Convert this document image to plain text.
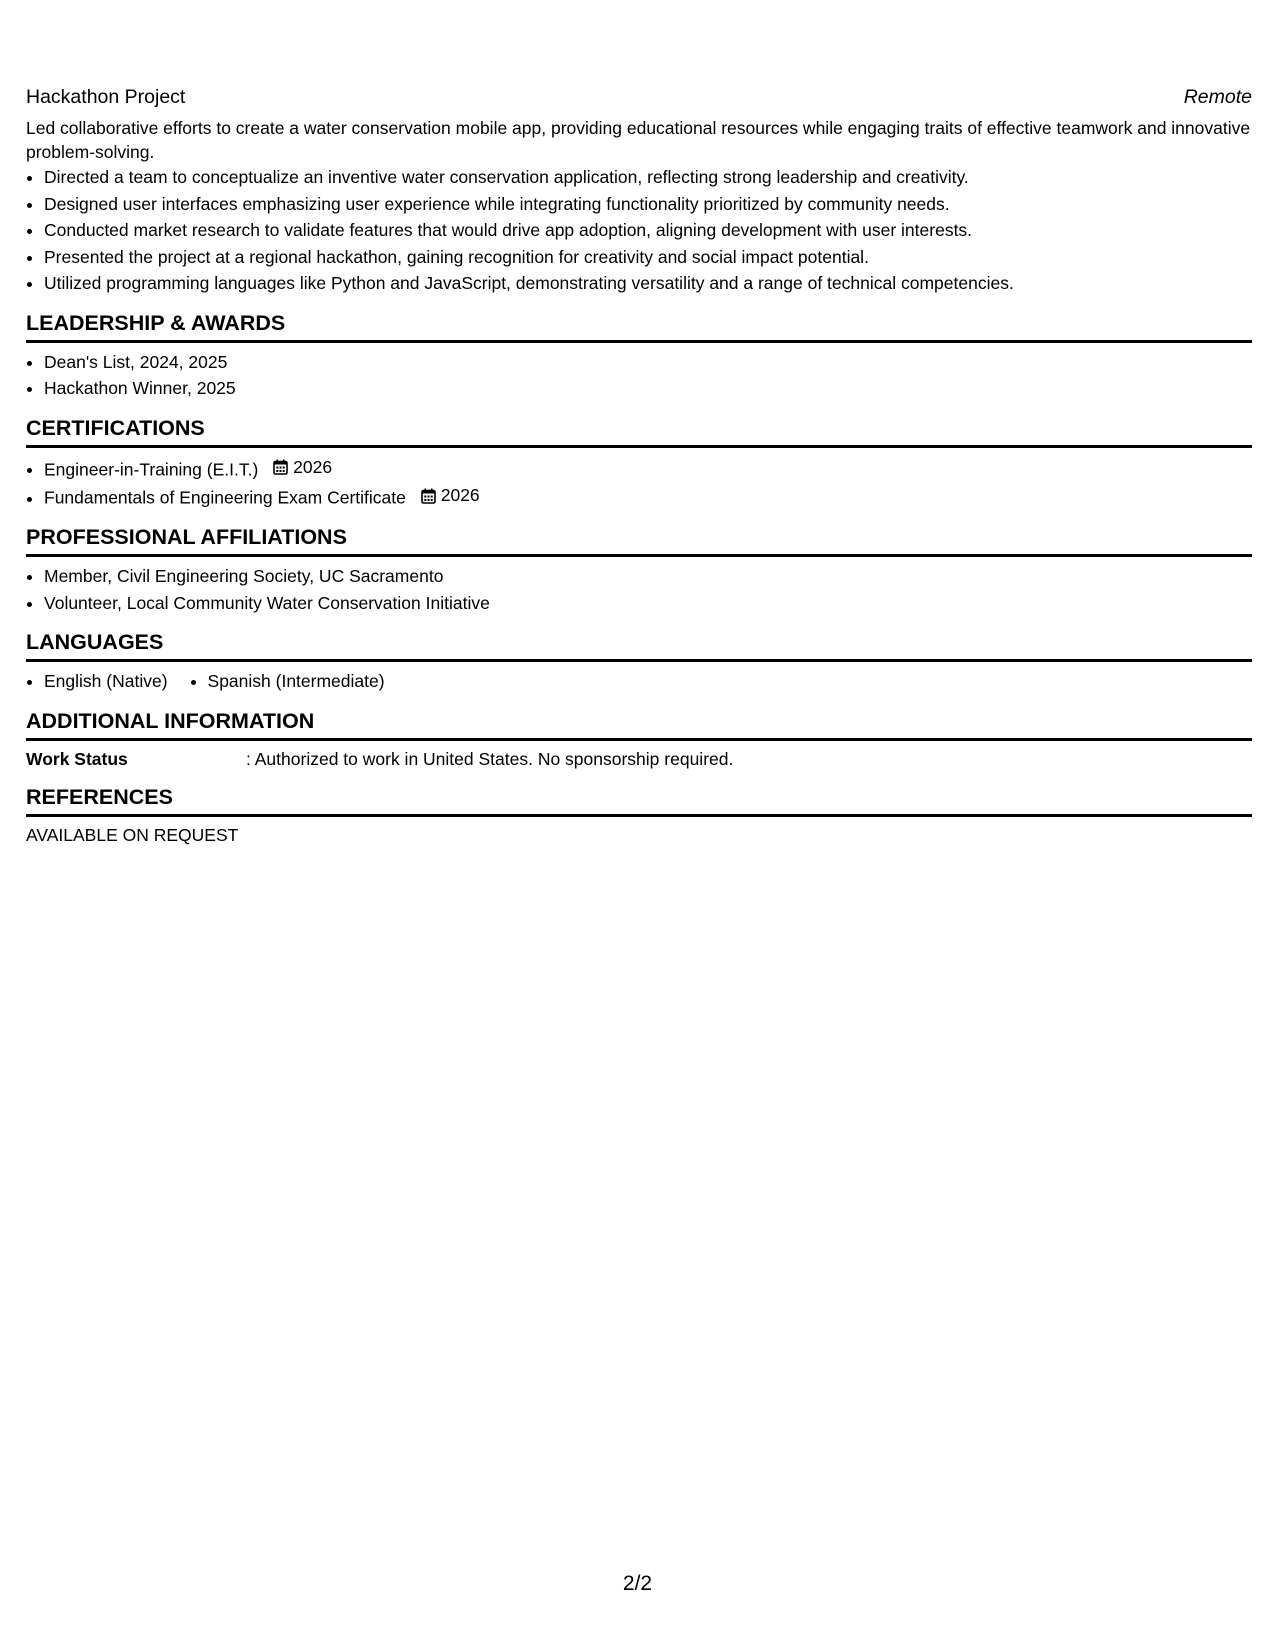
Hackathon Project	Remote

Led collaborative efforts to create a water conservation mobile app, providing educational resources while engaging traits of effective teamwork and innovative problem-solving.

• Directed a team to conceptualize an inventive water conservation application, reflecting strong leadership and creativity.
• Designed user interfaces emphasizing user experience while integrating functionality prioritized by community needs.
• Conducted market research to validate features that would drive app adoption, aligning development with user interests.
• Presented the project at a regional hackathon, gaining recognition for creativity and social impact potential.
• Utilized programming languages like Python and JavaScript, demonstrating versatility and a range of technical competencies.
LEADERSHIP & AWARDS
• Dean's List, 2024, 2025
• Hackathon Winner, 2025
CERTIFICATIONS
• Engineer-in-Training (E.I.T.) 2026
• Fundamentals of Engineering Exam Certificate 2026
PROFESSIONAL AFFILIATIONS
• Member, Civil Engineering Society, UC Sacramento
• Volunteer, Local Community Water Conservation Initiative
LANGUAGES
• English (Native)
• Spanish (Intermediate)
ADDITIONAL INFORMATION
Work Status	: Authorized to work in United States. No sponsorship required.
REFERENCES
AVAILABLE ON REQUEST
2/2
